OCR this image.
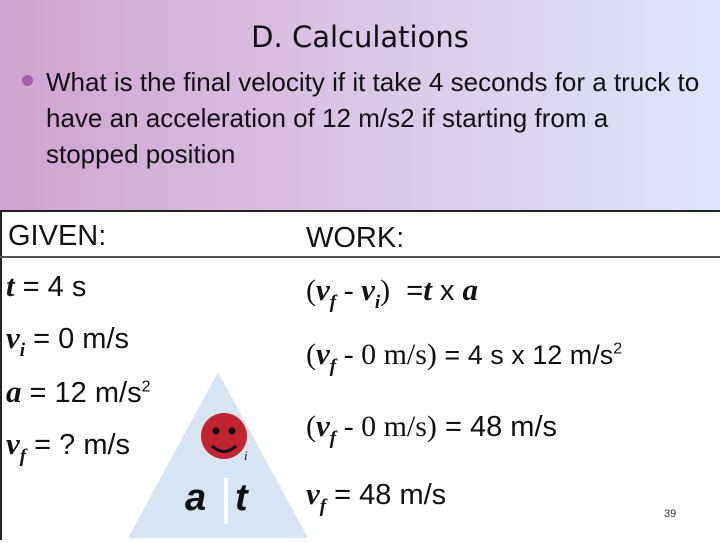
D. Calculations
What is the final velocity if it take 4 seconds for a truck to have an acceleration of 12 m/s2 if starting from a stopped position
GIVEN:	WORK:
t = 4 s
$v_i = 0$ m/s
a = 12 $m/s^2$
$v_f$ = ? m/s	i
a t
$(v_f - v_i) =t$ x a
($v_f - 0$ m/s) = 4 s x 12 $m/s^2$
($v_f - 0$ m/s) = 48 m/s
$v_f = 48$ m/s
39
